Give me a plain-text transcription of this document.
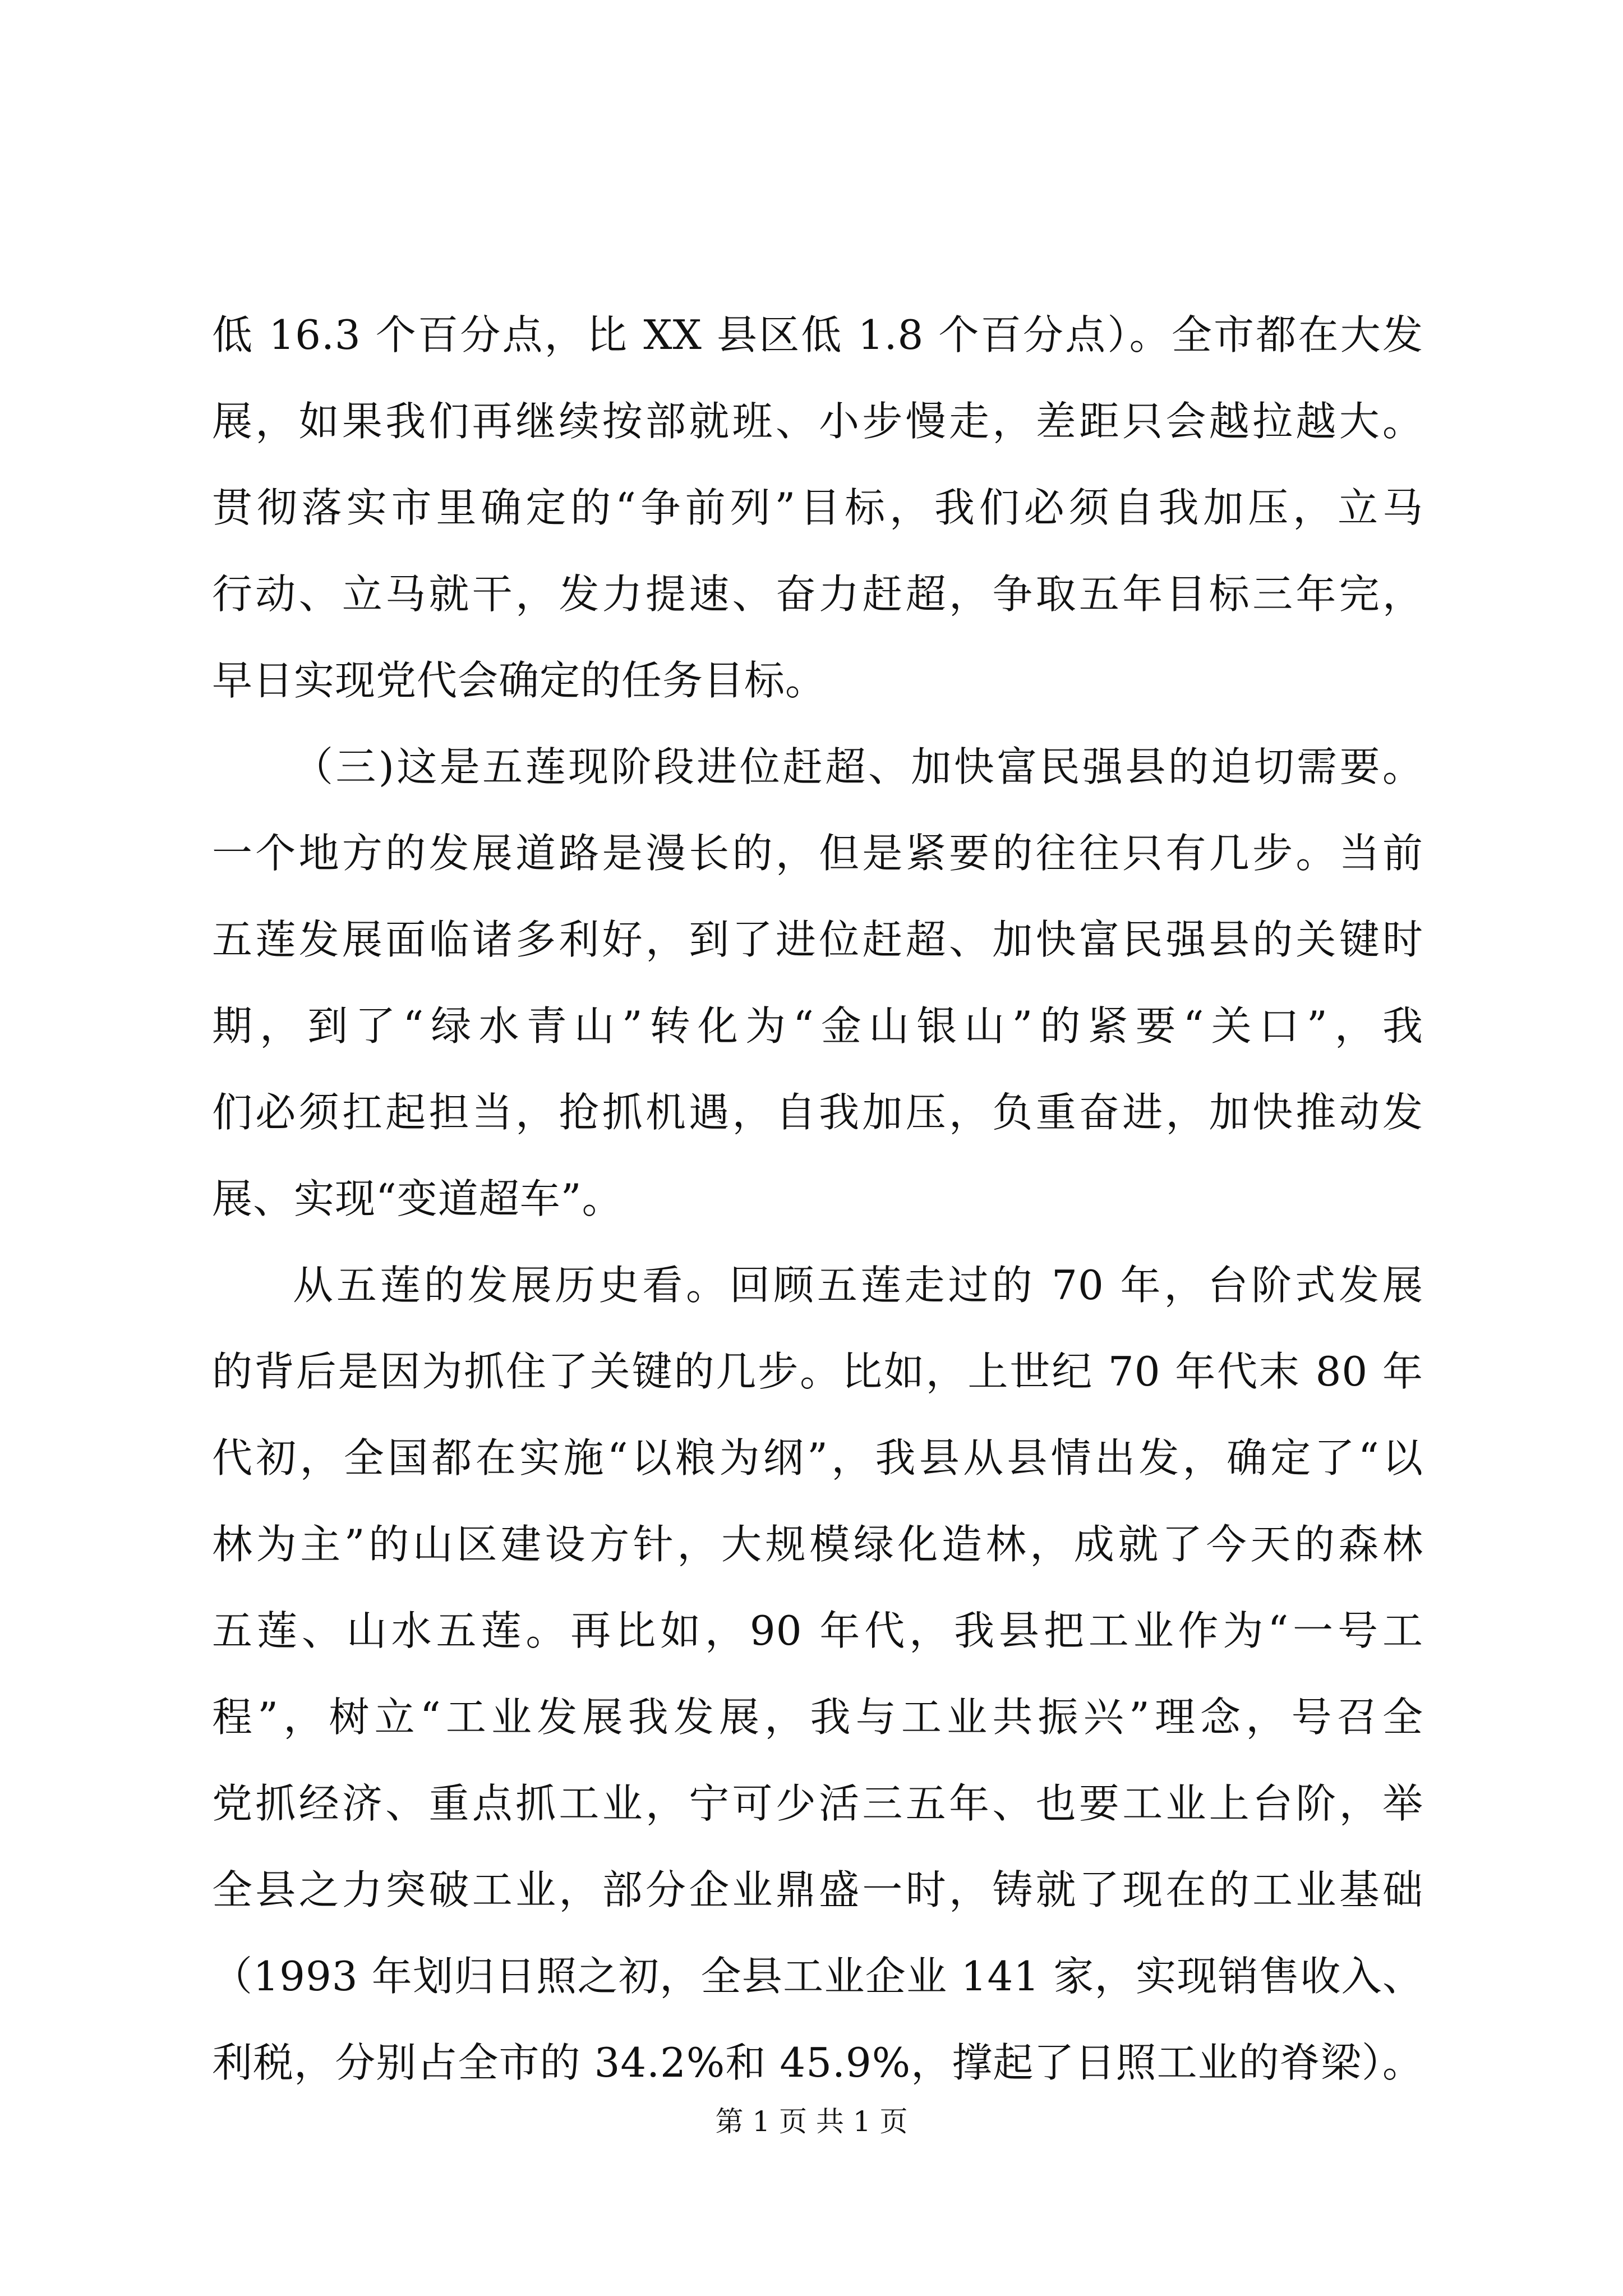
低 16.3 个百分点，比 XX 县区低 1.8 个百分点）。全市都在大发
展，如果我们再继续按部就班、小步慢走，差距只会越拉越大。
贯彻落实市里确定的“争前列”目标，我们必须自我加压，立马
行动、立马就干，发力提速、奋力赶超，争取五年目标三年完，
早日实现党代会确定的任务目标。
（三)这是五莲现阶段进位赶超、加快富民强县的迫切需要。
一个地方的发展道路是漫长的，但是紧要的往往只有几步。当前
五莲发展面临诸多利好，到了进位赶超、加快富民强县的关键时
期，到了“绿水青山”转化为“金山银山”的紧要“关口”，我
们必须扛起担当，抢抓机遇，自我加压，负重奋进，加快推动发
展、实现“变道超车”。
从五莲的发展历史看。回顾五莲走过的 70 年，台阶式发展
的背后是因为抓住了关键的几步。比如，上世纪 70 年代末 80 年
代初，全国都在实施“以粮为纲”，我县从县情出发，确定了“以
林为主”的山区建设方针，大规模绿化造林，成就了今天的森林
五莲、山水五莲。再比如，90 年代，我县把工业作为“一号工
程”，树立“工业发展我发展，我与工业共振兴”理念，号召全
党抓经济、重点抓工业，宁可少活三五年、也要工业上台阶，举
全县之力突破工业，部分企业鼎盛一时，铸就了现在的工业基础
（1993 年划归日照之初，全县工业企业 141 家，实现销售收入、
利税，分别占全市的 34.2%和 45.9%，撑起了日照工业的脊梁）。
第 1 页 共 1 页
